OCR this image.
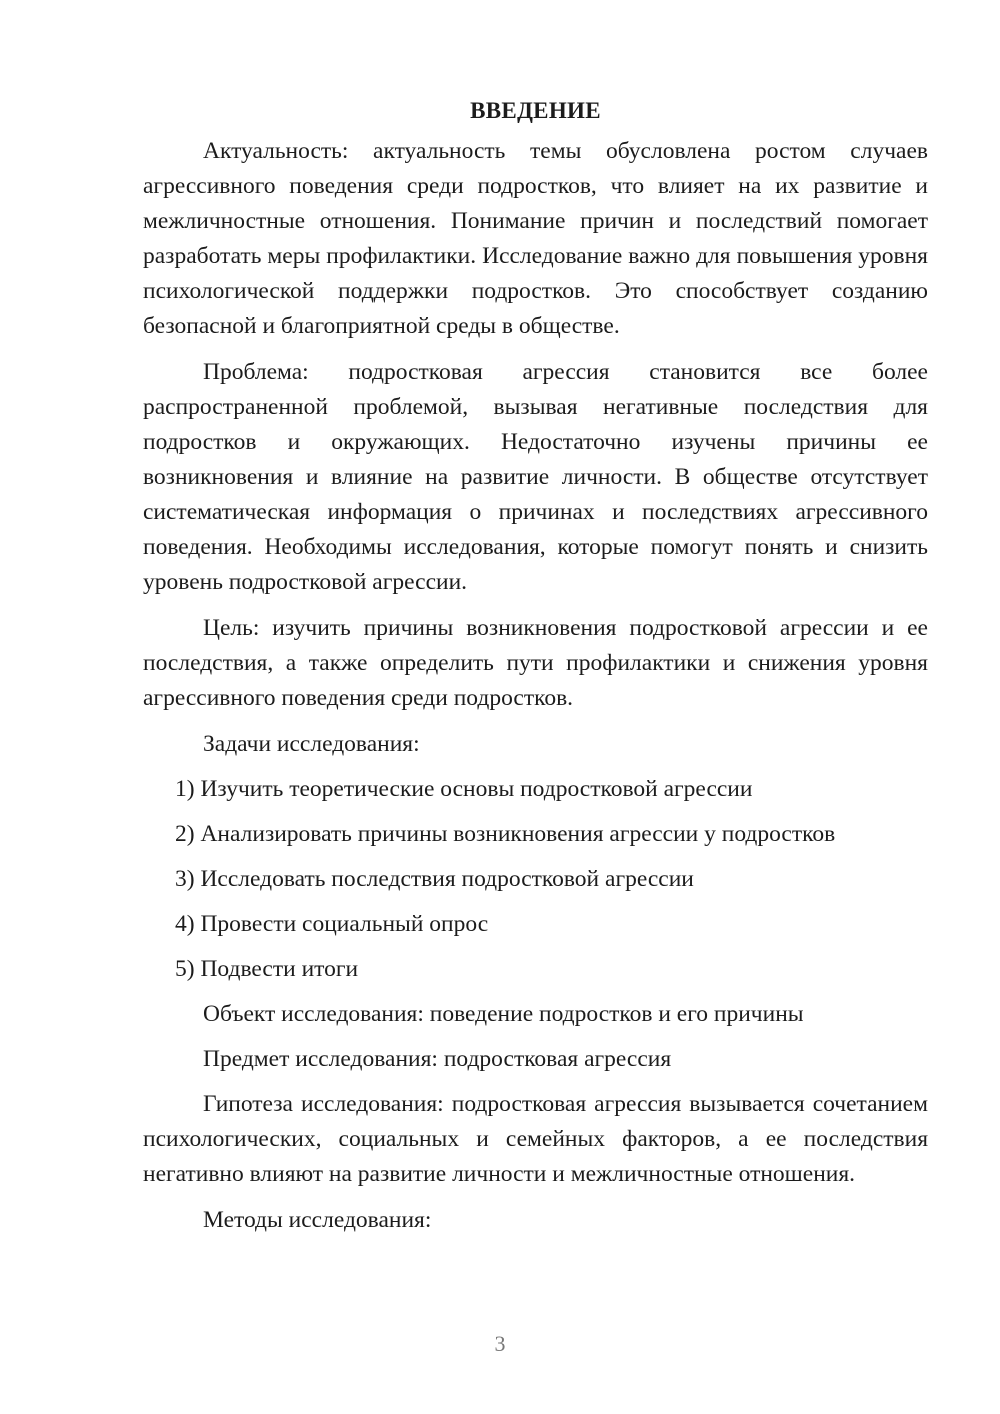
ВВЕДЕНИЕ

Актуальность: актуальность темы обусловлена ростом случаев агрессивного поведения среди подростков, что влияет на их развитие и межличностные отношения. Понимание причин и последствий помогает разработать меры профилактики. Исследование важно для повышения уровня психологической поддержки подростков. Это способствует созданию безопасной и благоприятной среды в обществе.

Проблема: подростковая агрессия становится все более распространенной проблемой, вызывая негативные последствия для подростков и окружающих. Недостаточно изучены причины ее возникновения и влияние на развитие личности. В обществе отсутствует систематическая информация о причинах и последствиях агрессивного поведения. Необходимы исследования, которые помогут понять и снизить уровень подростковой агрессии.

Цель: изучить причины возникновения подростковой агрессии и ее последствия, а также определить пути профилактики и снижения уровня агрессивного поведения среди подростков.

Задачи исследования:

1) Изучить теоретические основы подростковой агрессии

2) Анализировать причины возникновения агрессии у подростков

3) Исследовать последствия подростковой агрессии

4) Провести социальный опрос

5) Подвести итоги

Объект исследования: поведение подростков и его причины

Предмет исследования: подростковая агрессия

Гипотеза исследования: подростковая агрессия вызывается сочетанием психологических, социальных и семейных факторов, а ее последствия негативно влияют на развитие личности и межличностные отношения.

Методы исследования:

3
